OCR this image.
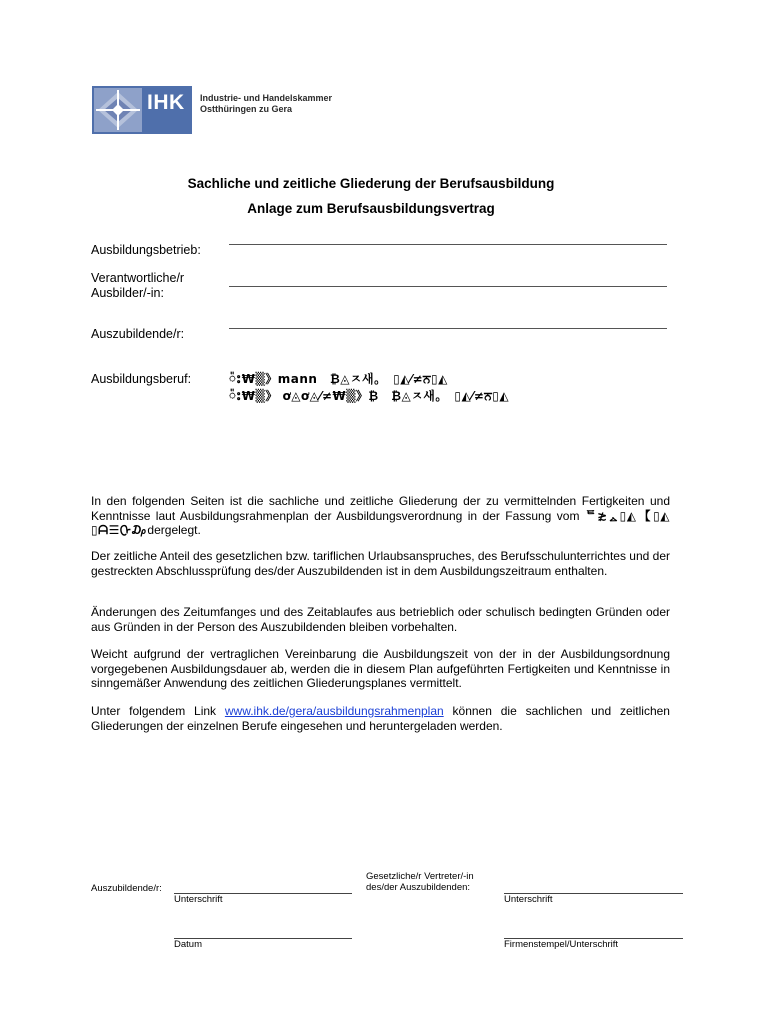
IHK Industrie- und Handelskammer
Ostthüringen zu Gera
Sachliche und zeitliche Gliederung der Berufsausbildung
Anlage zum Berufsausbildungsvertrag
Ausbildungsbetrieb:
Verantwortliche/r
Ausbilder/-in:
Auszubildende/r:
Ausbildungsberuf:	៉ះ₩▒》mann　₿◬ㅈ새。　▯◭⁄≠ਨ▯◭
៉ះ₩▒》 ơ◬ơ◬⁄≠₩▒》₿　₿◬ㅈ새。　▯◭⁄≠ਨ▯◭
In den folgenden Seiten ist die sachliche und zeitliche Gliederung der zu vermittelnden Fertigkeiten und Kenntnisse laut Ausbildungsrahmenplan der Ausbildungsverordnung in der Fassung vom ᄐ≵ᇫ▯◭【▯◭　▯ᗩ☰ᢕ₯dergelegt.
Der zeitliche Anteil des gesetzlichen bzw. tariflichen Urlaubsanspruches, des Berufsschulunterrichtes und der gestreckten Abschlussprüfung des/der Auszubildenden ist in dem Ausbildungszeitraum enthalten.
Änderungen des Zeitumfanges und des Zeitablaufes aus betrieblich oder schulisch bedingten Gründen oder aus Gründen in der Person des Auszubildenden bleiben vorbehalten.
Weicht aufgrund der vertraglichen Vereinbarung die Ausbildungszeit von der in der Ausbildungsordnung vorgegebenen Ausbildungsdauer ab, werden die in diesem Plan aufgeführten Fertigkeiten und Kenntnisse in sinngemäßer Anwendung des zeitlichen Gliederungsplanes vermittelt.
Unter folgendem Link www.ihk.de/gera/ausbildungsrahmenplan können die sachlichen und zeitlichen Gliederungen der einzelnen Berufe eingesehen und heruntergeladen werden.
Auszubildende/r:
Unterschrift
Gesetzliche/r Vertreter/-in
des/der Auszubildenden:
Unterschrift
Datum	Firmenstempel/Unterschrift
